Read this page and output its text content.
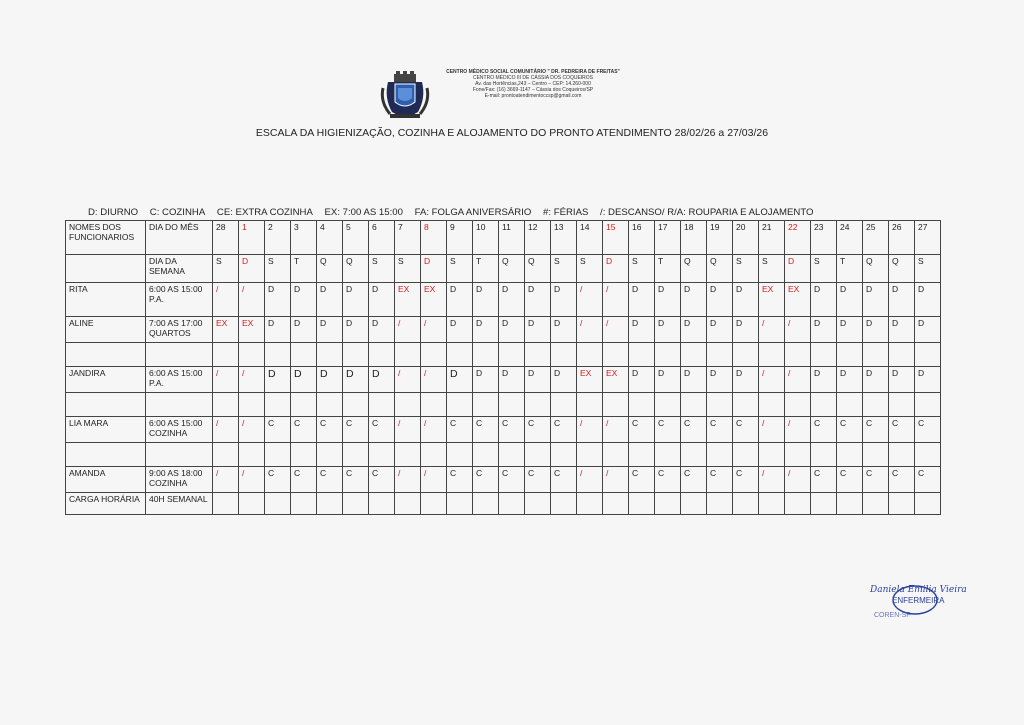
CENTRO MÉDICO SOCIAL COMUNITÁRIO " DR. PEDREIRA DE FREITAS"
CENTRO MÉDICO III DE CÁSSIA DOS COQUEIROS
Av. das Hortências,243 – Centro – CEP: 14.260-000
Fone/Fax: (16) 3669-1147 – Cássia dos Coqueiros/SP
E-mail: prontoatendimentoccsp@gmail.com
ESCALA DA HIGIENIZAÇÃO, COZINHA E ALOJAMENTO DO PRONTO ATENDIMENTO 28/02/26 a 27/03/26
D: DIURNO C: COZINHA CE: EXTRA COZINHA EX: 7:00 AS 15:00 FA: FOLGA ANIVERSÁRIO #: FÉRIAS /: DESCANSO/ R/A: ROUPARIA E ALOJAMENTO
NOMES DOS FUNCIONARIOS	DIA DO MÊS	28	1	2	3	4	5	6	7	8	9	10	11	12	13	14	15	16	17	18	19	20	21	22	23	24	25	26	27
	DIA DA SEMANA	S	D	S	T	Q	Q	S	S	D	S	T	Q	Q	S	S	D	S	T	Q	Q	S	S	D	S	T	Q	Q	S
RITA	6:00 AS 15:00 P.A.	/	/	D	D	D	D	D	EX	EX	D	D	D	D	D	/	/	D	D	D	D	D	EX	EX	D	D	D	D	D
ALINE	7:00 AS 17:00 QUARTOS	EX	EX	D	D	D	D	D	/	/	D	D	D	D	D	/	/	D	D	D	D	D	/	/	D	D	D	D	D

JANDIRA	6:00 AS 15:00 P.A.	/	/	D	D	D	D	D	/	/	D	D	D	D	D	EX	EX	D	D	D	D	D	/	/	D	D	D	D	D

LIA MARA	6:00 AS 15:00 COZINHA	/	/	C	C	C	C	C	/	/	C	C	C	C	C	/	/	C	C	C	C	C	/	/	C	C	C	C	C

AMANDA	9:00 AS 18:00 COZINHA	/	/	C	C	C	C	C	/	/	C	C	C	C	C	/	/	C	C	C	C	C	/	/	C	C	C	C	C
CARGA HORÁRIA	40H SEMANAL																												
Daniela Emilia Vieira
ENFERMEIRA
COREN-SP
